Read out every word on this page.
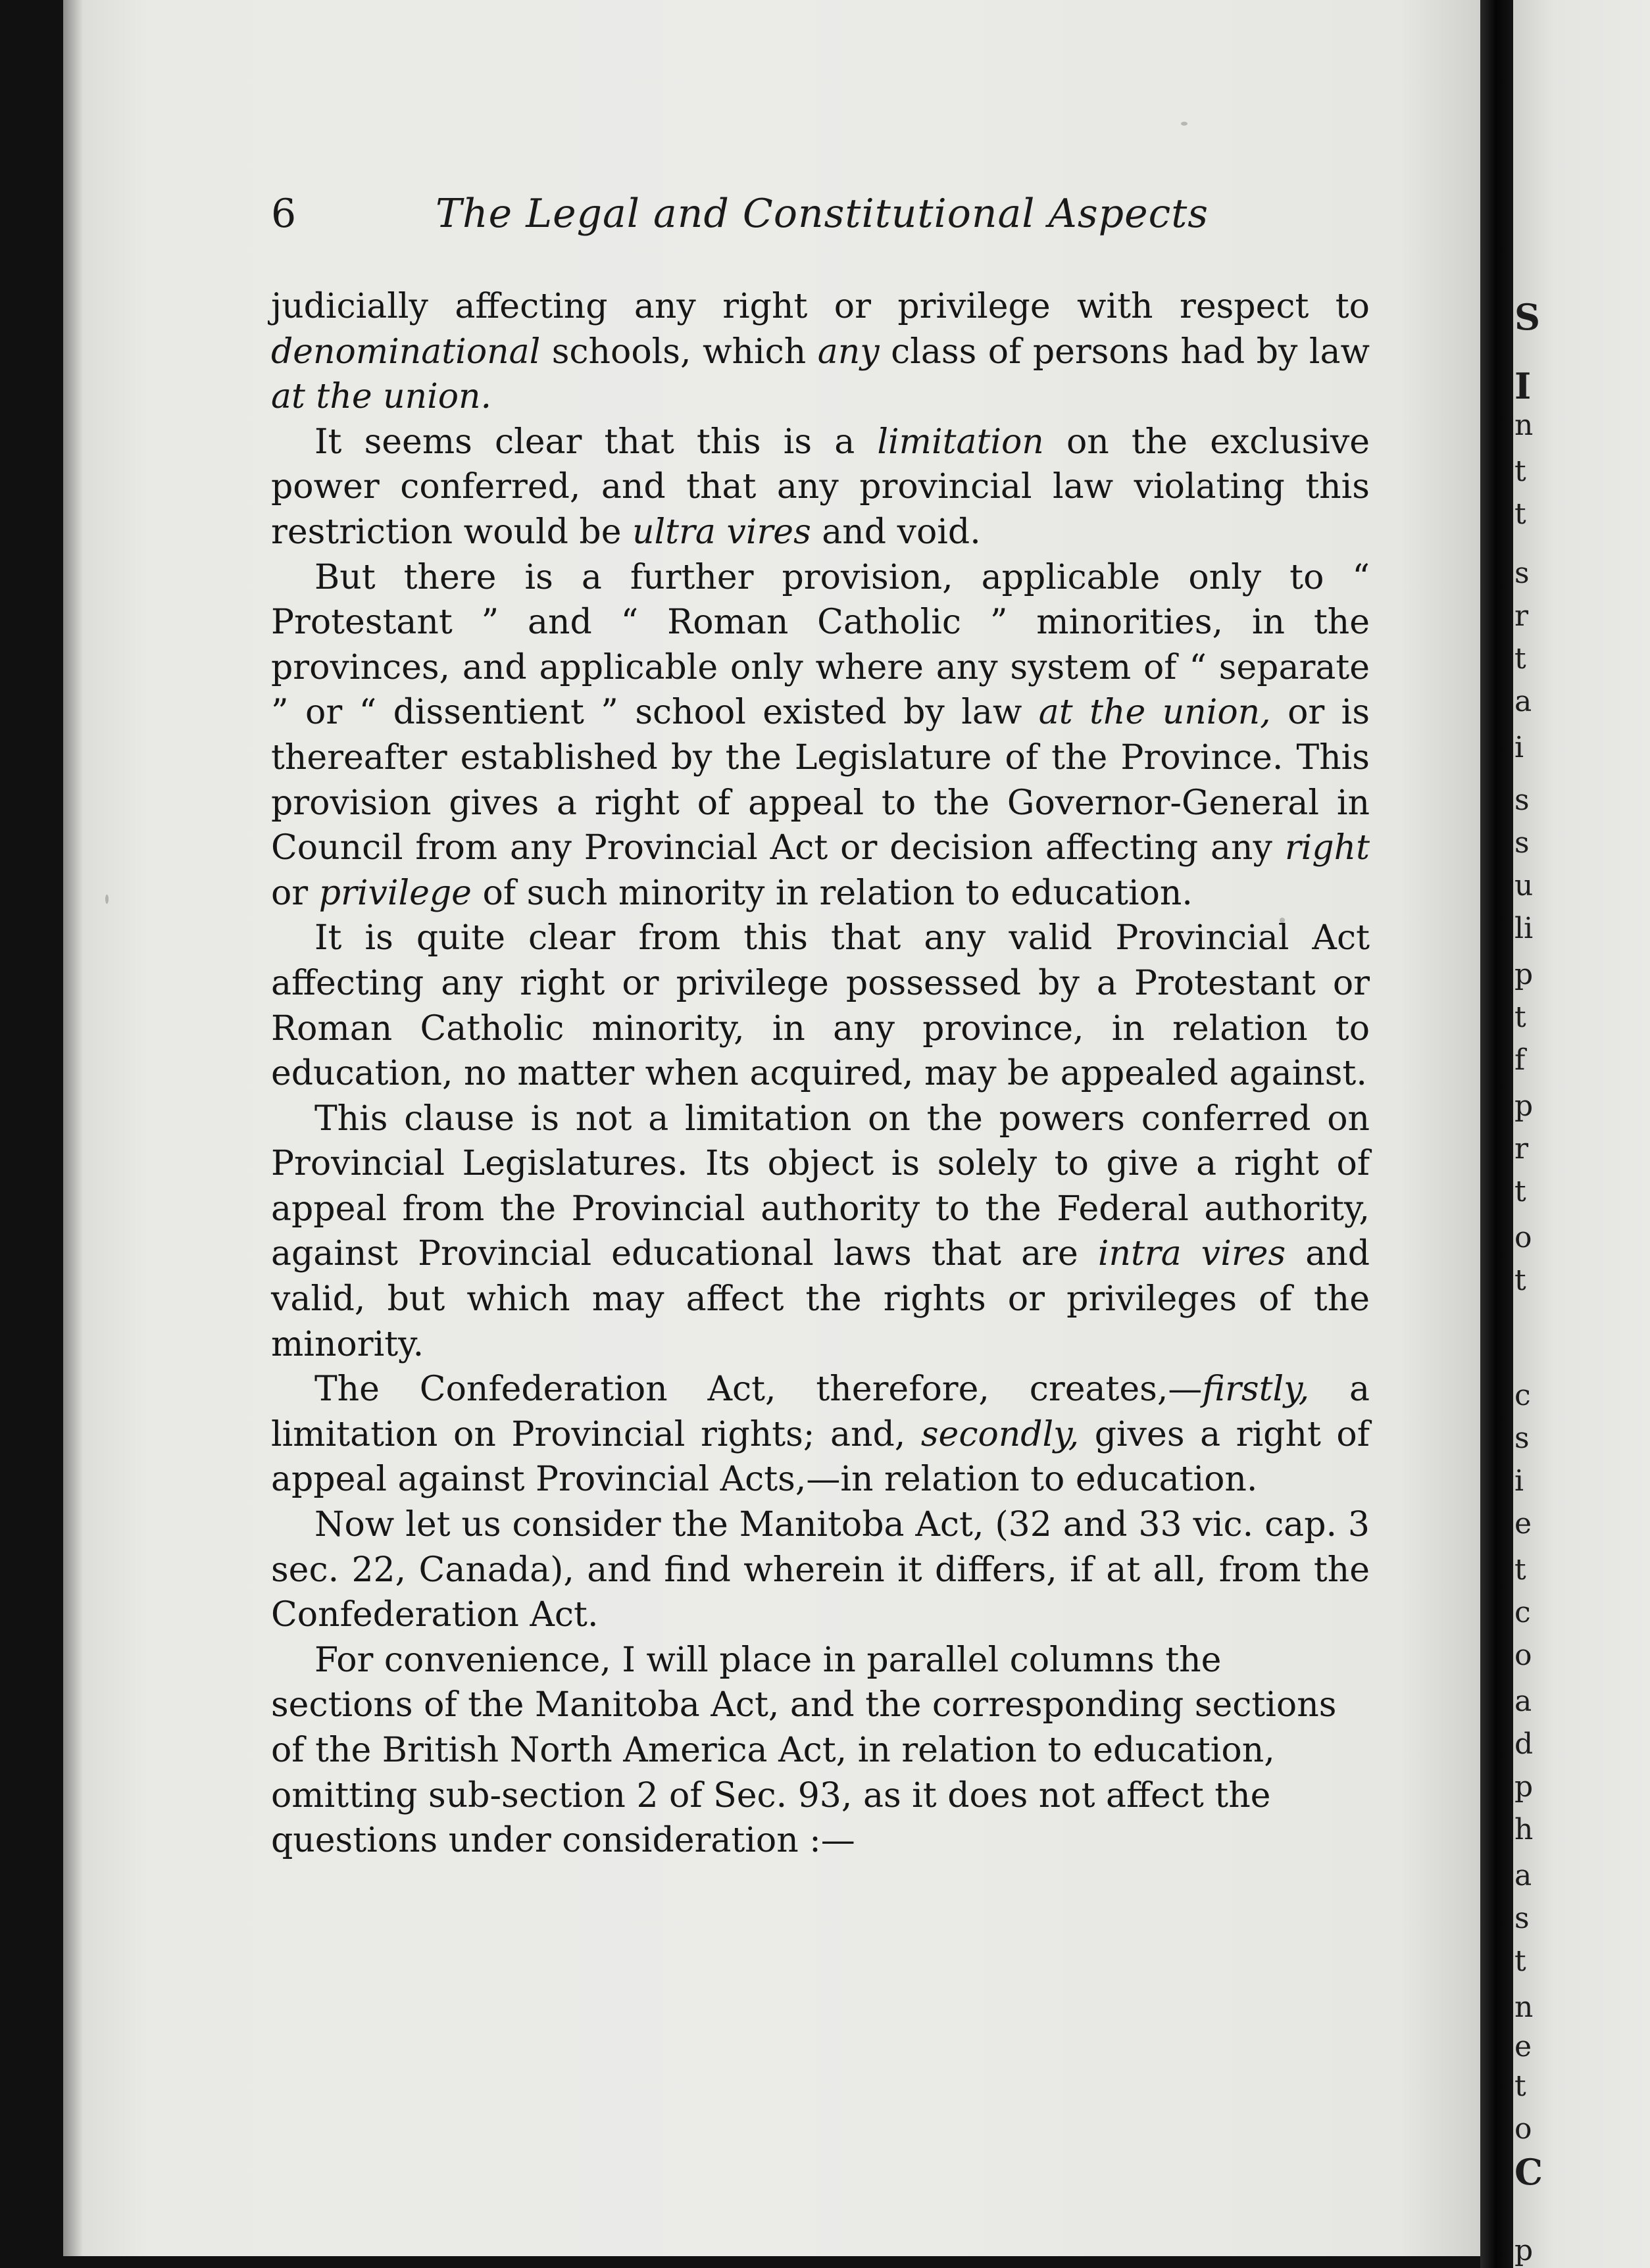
6	The Legal and Constitutional Aspects

judicially affecting any right or privilege with respect to denominational schools, which any class of persons had by law at the union.

It seems clear that this is a limitation on the exclusive power conferred, and that any provincial law violating this restriction would be ultra vires and void.

But there is a further provision, applicable only to “ Protestant ” and “ Roman Catholic ” minorities, in the provinces, and applicable only where any system of “ separate ” or “ dissentient ” school existed by law at the union, or is thereafter established by the Legislature of the Province. This provision gives a right of appeal to the Governor-General in Council from any Provincial Act or decision affecting any right or privilege of such minority in relation to education.

It is quite clear from this that any valid Provincial Act affecting any right or privilege possessed by a Protestant or Roman Catholic minority, in any province, in relation to education, no matter when acquired, may be appealed against.

This clause is not a limitation on the powers conferred on Provincial Legislatures. Its object is solely to give a right of appeal from the Provincial authority to the Federal authority, against Provincial educational laws that are intra vires and valid, but which may affect the rights or privileges of the minority.

The Confederation Act, therefore, creates,—firstly, a limitation on Provincial rights; and, secondly, gives a right of appeal against Provincial Acts,—in relation to education.

Now let us consider the Manitoba Act, (32 and 33 vic. cap. 3 sec. 22, Canada), and find wherein it differs, if at all, from the Confederation Act.

For convenience, I will place in parallel columns the sections of the Manitoba Act, and the corresponding sections of the British North America Act, in relation to education, omitting sub-section 2 of Sec. 93, as it does not affect the questions under consideration :—

S
I
n
t
t
s
r
t
a
i
s
s
u
li
p
t
f
p
r
t
o
t
c
s
i
e
t
c
o
a
d
p
h
a
s
t
n
e
t
o
C
p
